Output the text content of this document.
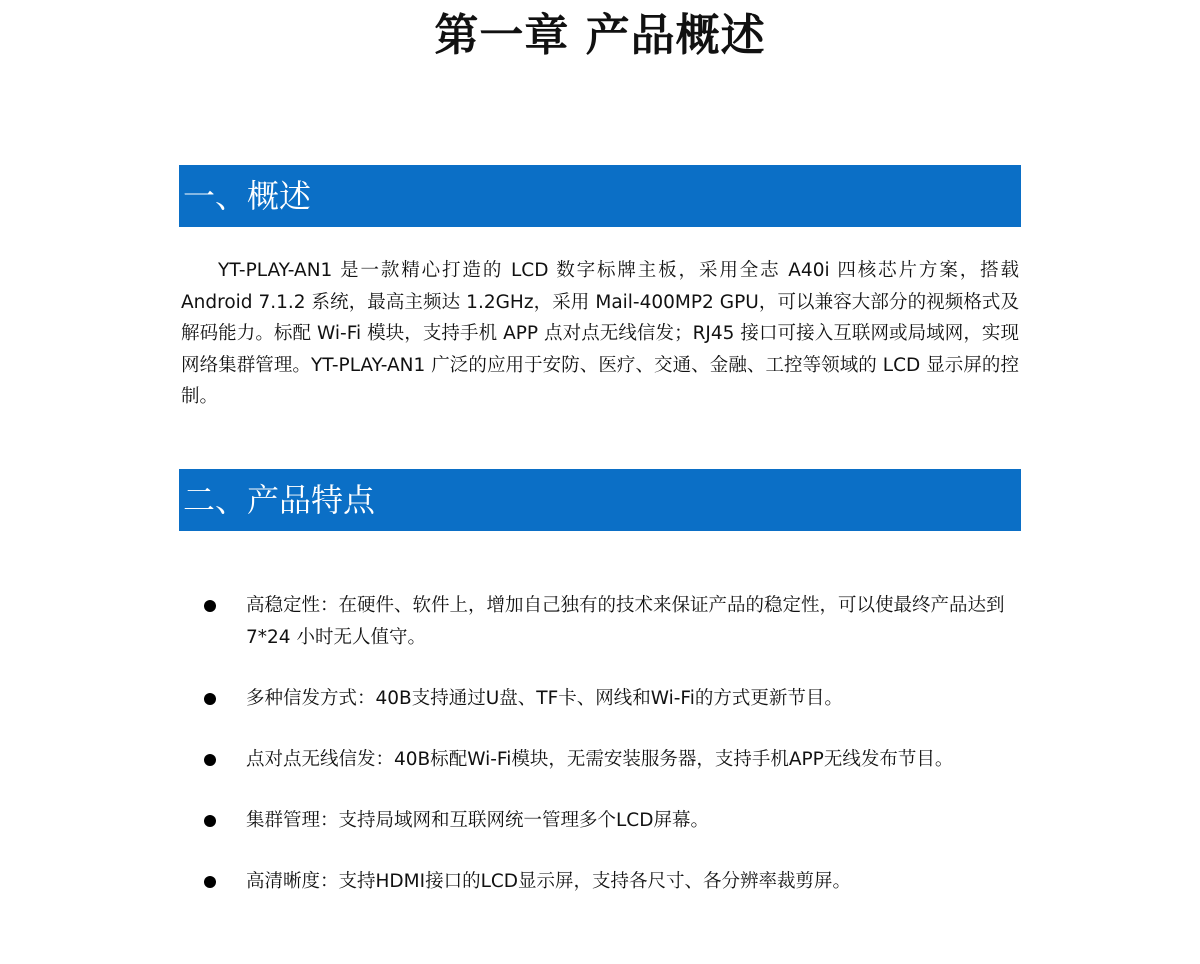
第一章 产品概述
一、概述

YT-PLAY-AN1 是一款精心打造的 LCD 数字标牌主板，采用全志 A40i 四核芯片方案，搭载 Android 7.1.2 系统，最高主频达 1.2GHz，采用 Mail-400MP2 GPU，可以兼容大部分的视频格式及解码能力。标配 Wi-Fi 模块，支持手机 APP 点对点无线信发；RJ45 接口可接入互联网或局域网，实现网络集群管理。YT-PLAY-AN1 广泛的应用于安防、医疗、交通、金融、工控等领域的 LCD 显示屏的控制。

二、产品特点
高稳定性：在硬件、软件上，增加自己独有的技术来保证产品的稳定性，可以使最终产品达到7*24 小时无人值守。
多种信发方式：40B支持通过U盘、TF卡、网线和Wi-Fi的方式更新节目。
点对点无线信发：40B标配Wi-Fi模块，无需安装服务器，支持手机APP无线发布节目。
集群管理：支持局域网和互联网统一管理多个LCD屏幕。
高清晰度：支持HDMI接口的LCD显示屏，支持各尺寸、各分辨率裁剪屏。
